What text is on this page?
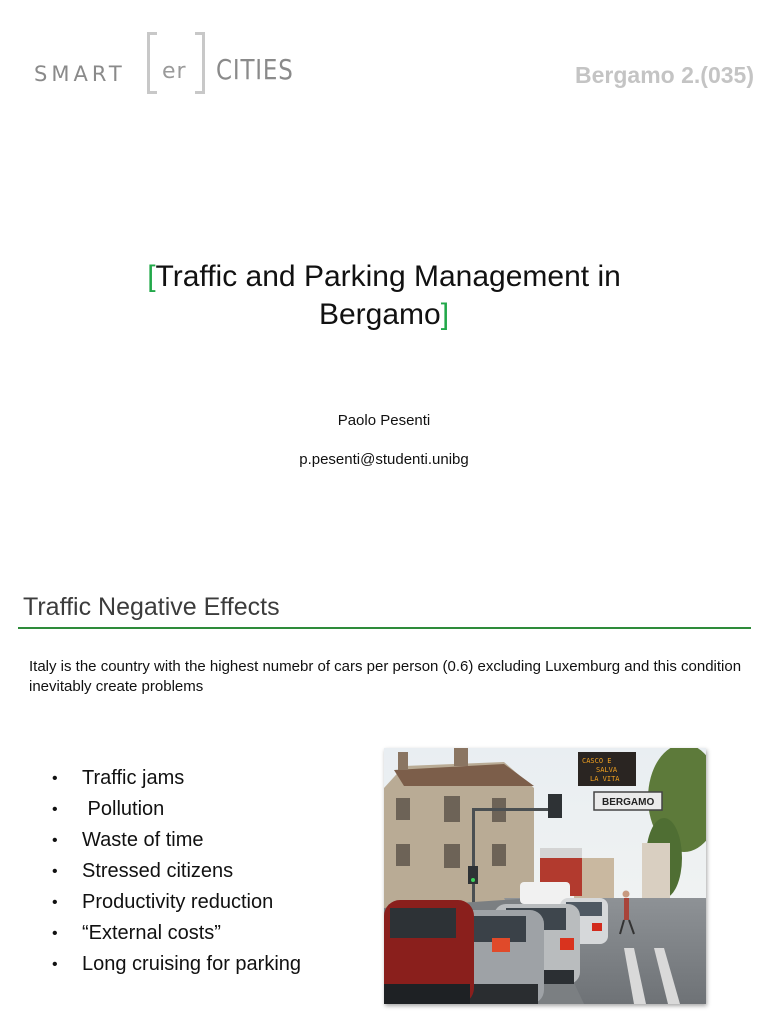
SMART er CITIES	Bergamo 2.(035)
[Traffic and Parking Management in
Bergamo]
Paolo Pesenti
p.pesenti@studenti.unibg
Traffic Negative Effects
Italy is the country with the highest numebr of cars per person (0.6) excluding Luxemburg and this condition inevitably create problems
• Traffic jams
• Pollution
• Waste of time
• Stressed citizens
• Productivity reduction
• “External costs”
• Long cruising for parking
CASCO E
SALVA
LA VITA
BERGAMO
